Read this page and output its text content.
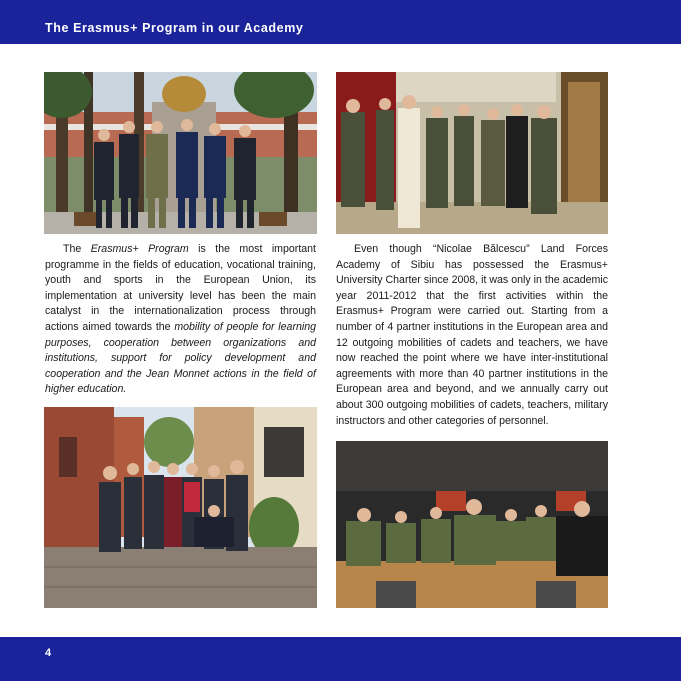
The Erasmus+ Program in our Academy

The Erasmus+ Program is the most important programme in the fields of education, vocational training, youth and sports in the European Union, its implementation at university level has been the main catalyst in the internationalization process through actions aimed towards the mobility of people for learning purposes, cooperation between organizations and institutions, support for policy development and cooperation and the Jean Monnet actions in the field of higher education.

Even though “Nicolae Bălcescu” Land Forces Academy of Sibiu has possessed the Erasmus+ University Charter since 2008, it was only in the academic year 2011-2012 that the first activities within the Erasmus+ Program were carried out. Starting from a number of 4 partner institutions in the European area and 12 outgoing mobilities of cadets and teachers, we have now reached the point where we have inter-institutional agreements with more than 40 partner institutions in the European area and beyond, and we annually carry out about 300 outgoing mobilities of cadets, teachers, military instructors and other categories of personnel.

4
